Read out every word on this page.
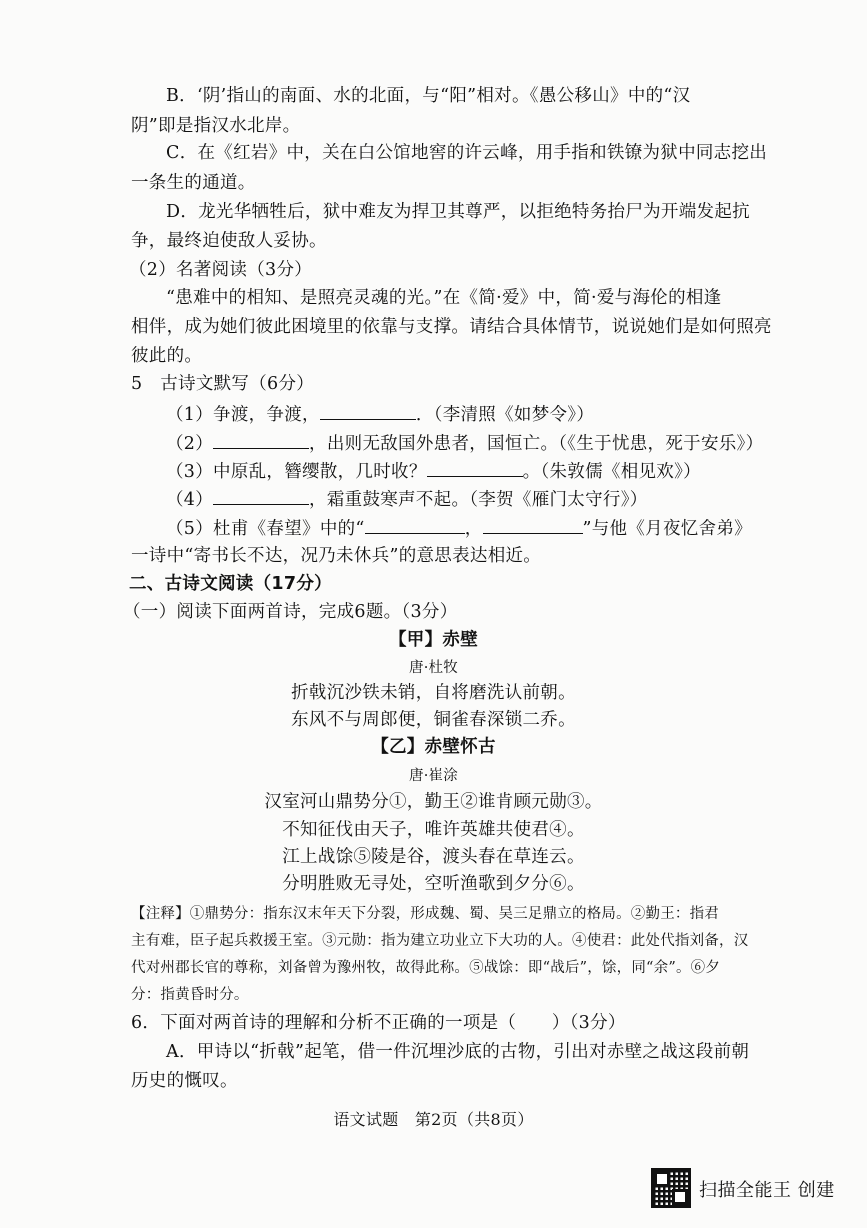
B．‘阴’指山的南面、水的北面，与“阳”相对。《愚公移山》中的“汉
阴”即是指汉水北岸。
C．在《红岩》中，关在白公馆地窖的许云峰，用手指和铁镣为狱中同志挖出
一条生的通道。
D．龙光华牺牲后，狱中难友为捍卫其尊严，以拒绝特务抬尸为开端发起抗
争，最终迫使敌人妥协。
（2）名著阅读（3分）
“患难中的相知、是照亮灵魂的光。”在《简·爱》中，简·爱与海伦的相逢
相伴，成为她们彼此困境里的依靠与支撑。请结合具体情节，说说她们是如何照亮
彼此的。
5　古诗文默写（6分）
（1）争渡，争渡，	．（李清照《如梦令》）
（2）	，出则无敌国外患者，国恒亡。（《生于忧患，死于安乐》）
（3）中原乱，簪缨散，几时收？	。（朱敦儒《相见欢》）
（4）	，霜重鼓寒声不起。（李贺《雁门太守行》）
（5）杜甫《春望》中的“	，	”与他《月夜忆舍弟》
一诗中“寄书长不达，况乃未休兵”的意思表达相近。
二、古诗文阅读（17分）
（一）阅读下面两首诗，完成6题。（3分）
【甲】赤壁
唐·杜牧
折戟沉沙铁未销，自将磨洗认前朝。
东风不与周郎便，铜雀春深锁二乔。
【乙】赤壁怀古
唐·崔涂
汉室河山鼎势分①，勤王②谁肯顾元勋③。
不知征伐由天子，唯许英雄共使君④。
江上战馀⑤陵是谷，渡头春在草连云。
分明胜败无寻处，空听渔歌到夕分⑥。
【注释】①鼎势分：指东汉末年天下分裂，形成魏、蜀、吴三足鼎立的格局。②勤王：指君
主有难，臣子起兵救援王室。③元勋：指为建立功业立下大功的人。④使君：此处代指刘备，汉
代对州郡长官的尊称，刘备曾为豫州牧，故得此称。⑤战馀：即“战后”，馀，同“余”。⑥夕
分：指黄昏时分。
6．下面对两首诗的理解和分析不正确的一项是（　　）（3分）
A．甲诗以“折戟”起笔，借一件沉埋沙底的古物，引出对赤壁之战这段前朝
历史的慨叹。
语文试题　第2页（共8页）
扫描全能王 创建
